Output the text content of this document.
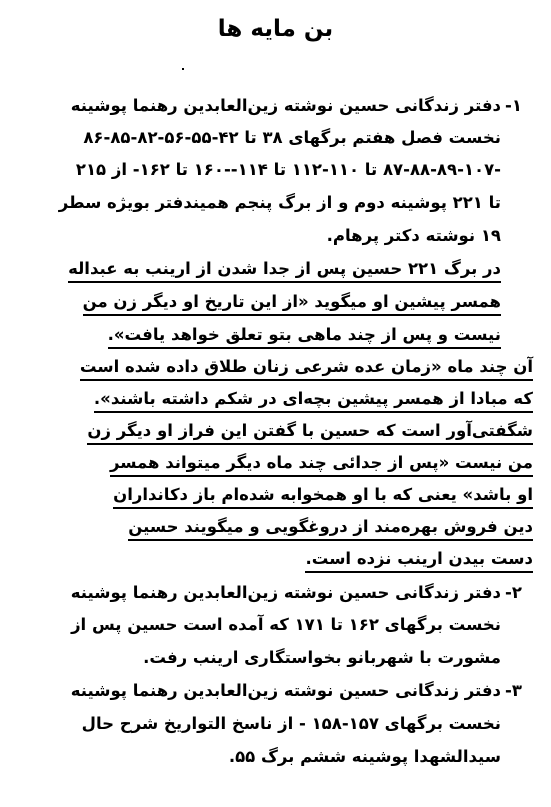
بن مایه ها
-۱
دفتر زندگانی حسین نوشته زین‌العابدین رهنما پوشینه
نخست فصل هفتم برگهای ۳۸ تا ۴۲-۵۵-۵۶-۸۲-۸۵-۸۶
-۸۷-۸۸-۸۹-۱۰۷ تا ۱۱۰-۱۱۲ تا ۱۱۴--۱۶۰ تا ۱۶۲- از ۲۱۵
تا ۲۲۱ پوشینه دوم و از برگ پنجم همیندفتر بویژه سطر
۱۹ نوشته دکتر پرهام.
در برگ ۲۲۱ حسین پس از جدا شدن از ارینب به عبداله
همسر پیشین او میگوید «از این تاریخ او دیگر زن من
نیست و پس از چند ماهی بتو تعلق خواهد یافت».
آن چند ماه «زمان عده شرعی زنان طلاق داده شده است
که مبادا از همسر پیشین بچه‌ای در شکم داشته باشند».
شگفتی‌آور است که حسین با گفتن این فراز او دیگر زن
من نیست «پس از جدائی چند ماه دیگر میتواند همسر
او باشد» یعنی که با او همخوابه شده‌ام باز دکانداران
دین فروش بهره‌مند از دروغگویی و میگویند حسین
دست بیدن ارینب نزده است.
-۲
دفتر زندگانی حسین نوشته زین‌العابدین رهنما پوشینه
نخست برگهای ۱۶۲ تا ۱۷۱ که آمده است حسین پس از
مشورت با شهربانو بخواستگاری ارینب رفت.
-۳
دفتر زندگانی حسین نوشته زین‌العابدین رهنما پوشینه
نخست برگهای ۱۵۷-۱۵۸ - از ناسخ التواریخ شرح حال
سیدالشهدا پوشینه ششم برگ ۵۵.
